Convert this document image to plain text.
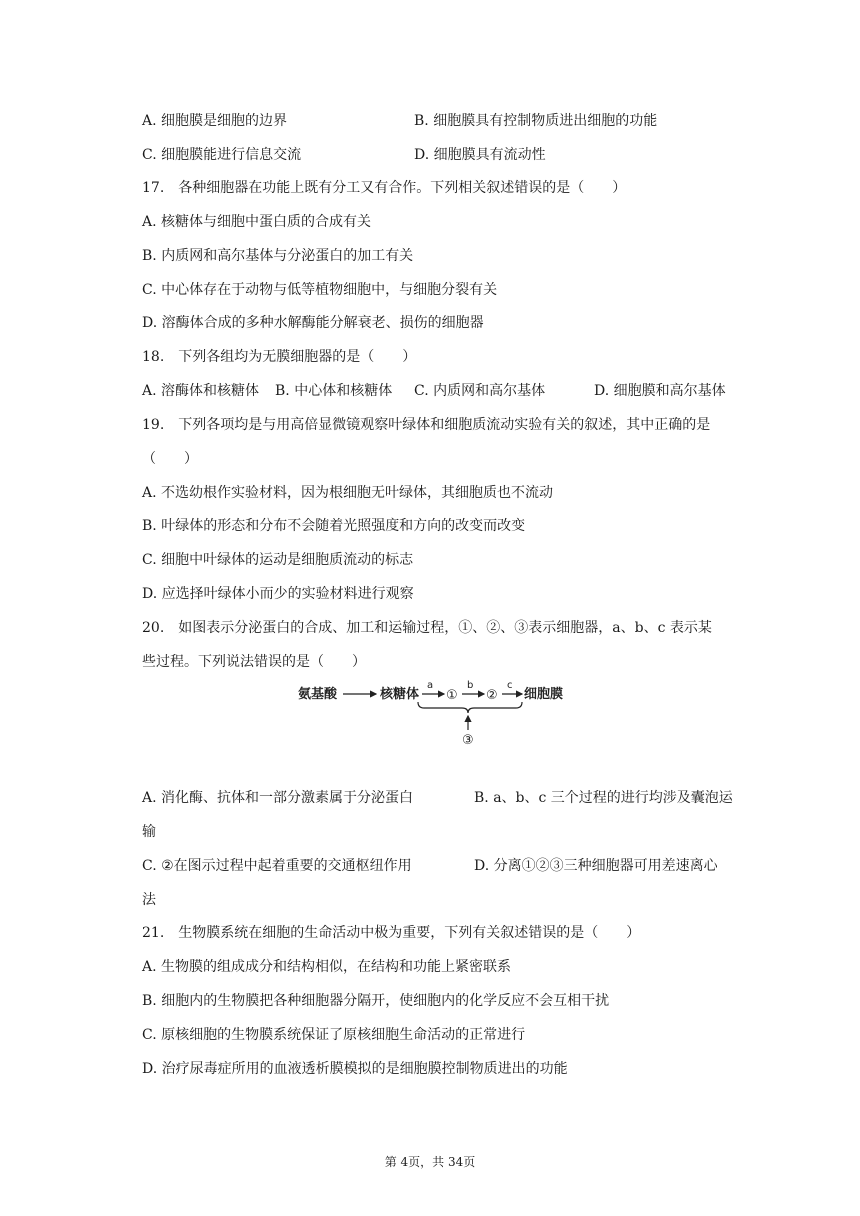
A. 细胞膜是细胞的边界	B. 细胞膜具有控制物质进出细胞的功能
C. 细胞膜能进行信息交流	D. 细胞膜具有流动性
17.　各种细胞器在功能上既有分工又有合作。下列相关叙述错误的是（　　）
A. 核糖体与细胞中蛋白质的合成有关
B. 内质网和高尔基体与分泌蛋白的加工有关
C. 中心体存在于动物与低等植物细胞中，与细胞分裂有关
D. 溶酶体合成的多种水解酶能分解衰老、损伤的细胞器
18.　下列各组均为无膜细胞器的是（　　）
A. 溶酶体和核糖体 B. 中心体和核糖体 C. 内质网和高尔基体	D. 细胞膜和高尔基体
19.　下列各项均是与用高倍显微镜观察叶绿体和细胞质流动实验有关的叙述，其中正确的是
（　　）
A. 不选幼根作实验材料，因为根细胞无叶绿体，其细胞质也不流动
B. 叶绿体的形态和分布不会随着光照强度和方向的改变而改变
C. 细胞中叶绿体的运动是细胞质流动的标志
D. 应选择叶绿体小而少的实验材料进行观察
20.　如图表示分泌蛋白的合成、加工和运输过程，①、②、③表示细胞器，a、b、c 表示某
些过程。下列说法错误的是（　　）
氨基酸	核糖体
a
①
b
②
c
细胞膜
③
A. 消化酶、抗体和一部分激素属于分泌蛋白	B. a、b、c 三个过程的进行均涉及囊泡运
输
C. ②在图示过程中起着重要的交通枢纽作用	D. 分离①②③三种细胞器可用差速离心
法
21.　生物膜系统在细胞的生命活动中极为重要，下列有关叙述错误的是（　　）
A. 生物膜的组成成分和结构相似，在结构和功能上紧密联系
B. 细胞内的生物膜把各种细胞器分隔开，使细胞内的化学反应不会互相干扰
C. 原核细胞的生物膜系统保证了原核细胞生命活动的正常进行
D. 治疗尿毒症所用的血液透析膜模拟的是细胞膜控制物质进出的功能
第 4页，共 34页
